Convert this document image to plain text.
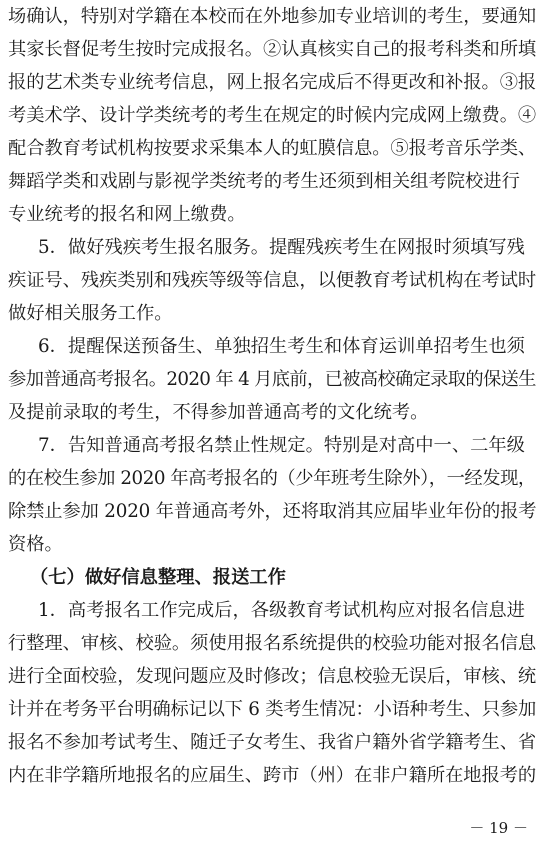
场确认，特别对学籍在本校而在外地参加专业培训的考生，要通知
其家长督促考生按时完成报名。②认真核实自己的报考科类和所填
报的艺术类专业统考信息，网上报名完成后不得更改和补报。③报
考美术学、设计学类统考的考生在规定的时候内完成网上缴费。④
配合教育考试机构按要求采集本人的虹膜信息。⑤报考音乐学类、
舞蹈学类和戏剧与影视学类统考的考生还须到相关组考院校进行
专业统考的报名和网上缴费。
5．做好残疾考生报名服务。提醒残疾考生在网报时须填写残
疾证号、残疾类别和残疾等级等信息，以便教育考试机构在考试时
做好相关服务工作。
6．提醒保送预备生、单独招生考生和体育运训单招考生也须
参加普通高考报名。2020 年 4 月底前，已被高校确定录取的保送生
及提前录取的考生，不得参加普通高考的文化统考。
7．告知普通高考报名禁止性规定。特别是对高中一、二年级
的在校生参加 2020 年高考报名的（少年班考生除外），一经发现，
除禁止参加 2020 年普通高考外，还将取消其应届毕业年份的报考
资格。
（七）做好信息整理、报送工作
1．高考报名工作完成后，各级教育考试机构应对报名信息进
行整理、审核、校验。须使用报名系统提供的校验功能对报名信息
进行全面校验，发现问题应及时修改；信息校验无误后，审核、统
计并在考务平台明确标记以下 6 类考生情况：小语种考生、只参加
报名不参加考试考生、随迁子女考生、我省户籍外省学籍考生、省
内在非学籍所地报名的应届生、跨市（州）在非户籍所在地报考的
－ 19 －
